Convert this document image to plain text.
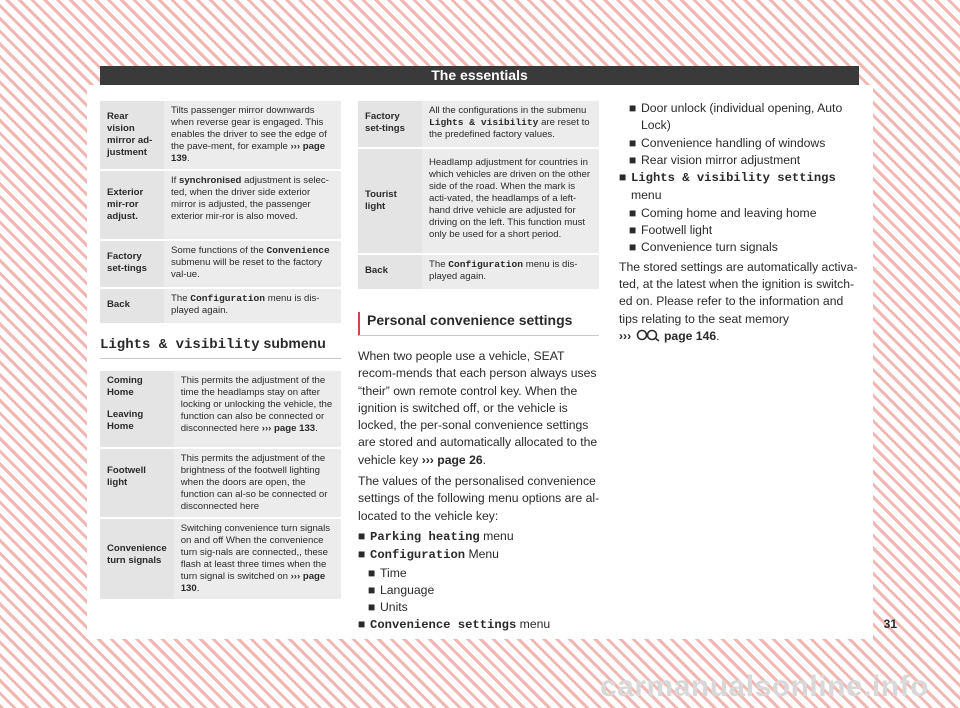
The essentials
Rear vision mirror ad-justment	Tilts passenger mirror downwards when reverse gear is engaged. This enables the driver to see the edge of the pave-ment, for example ››› page 139.

Exterior mir-ror adjust.	If synchronised adjustment is selec-ted, when the driver side exterior mirror is adjusted, the passenger exterior mir-ror is also moved.

Factory set-tings	Some functions of the Convenience submenu will be reset to the factory val-ue.

Back	The Configuration menu is dis-played again.
Lights & visibility submenu
Coming Home
Leaving Home	This permits the adjustment of the time the headlamps stay on after locking or unlocking the vehicle, the function can also be connected or disconnected here ››› page 133.

Footwell light	This permits the adjustment of the brightness of the footwell lighting when the doors are open, the function can al-so be connected or disconnected here

Convenience turn signals	Switching convenience turn signals on and off When the convenience turn sig-nals are connected,, these flash at least three times when the turn signal is switched on ››› page 130.
Factory set-tings	All the configurations in the submenu Lights & visibility are reset to the predefined factory values.

Tourist light	Headlamp adjustment for countries in which vehicles are driven on the other side of the road. When the mark is acti-vated, the headlamps of a left-hand drive vehicle are adjusted for driving on the left. This function must only be used for a short period.

Back	The Configuration menu is dis-played again.
Personal convenience settings

When two people use a vehicle, SEAT recom-mends that each person always uses “their” own remote control key. When the ignition is switched off, or the vehicle is locked, the per-sonal convenience settings are stored and automatically allocated to the vehicle key ››› page 26.

The values of the personalised convenience settings of the following menu options are al-located to the vehicle key:

■ Parking heating menu
■ Configuration Menu
■ Time
■ Language
■ Units
■ Convenience settings menu
■ Door unlock (individual opening, Auto Lock)
■ Convenience handling of windows
■ Rear vision mirror adjustment
■ Lights & visibility settings
menu
■ Coming home and leaving home
■ Footwell light
■ Convenience turn signals

The stored settings are automatically activa-ted, at the latest when the ignition is switch-ed on. Please refer to the information and tips relating to the seat memory
›››	page 146.

31
carmanualsonline.info
